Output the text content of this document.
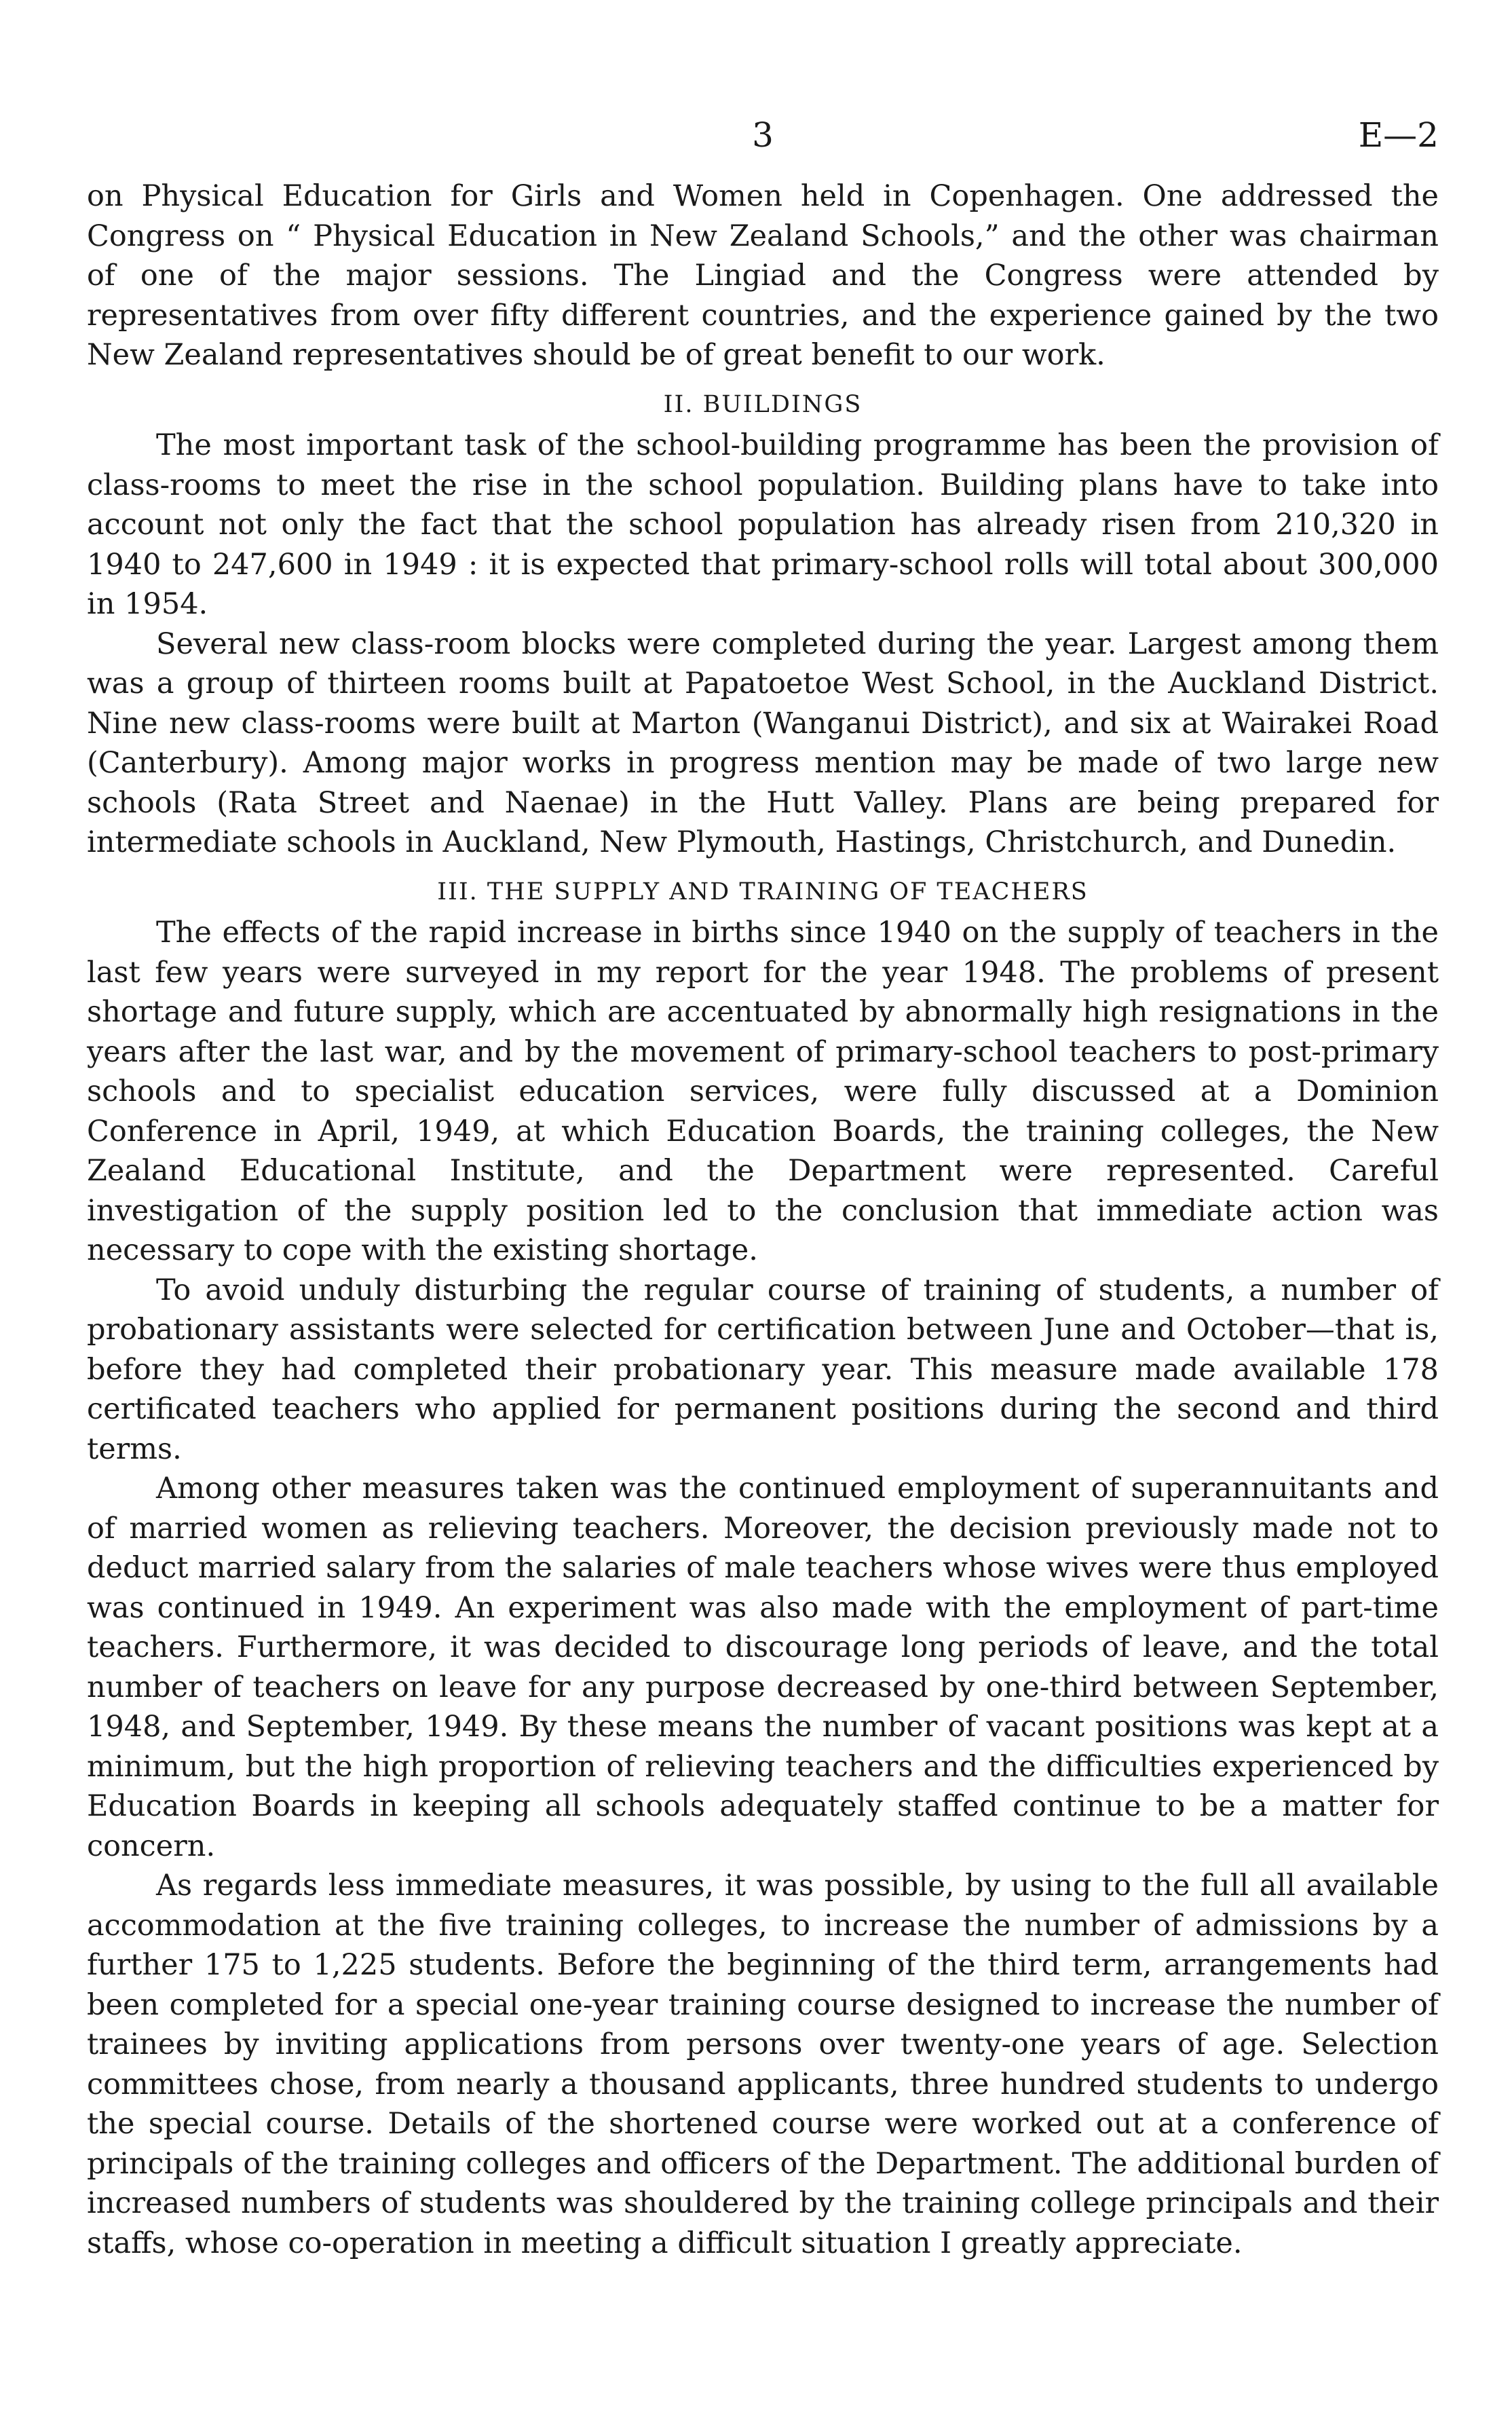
3	E—2

on Physical Education for Girls and Women held in Copenhagen. One addressed the Congress on “ Physical Education in New Zealand Schools,” and the other was chairman of one of the major sessions. The Lingiad and the Congress were attended by representatives from over fifty different countries, and the experience gained by the two New Zealand representatives should be of great benefit to our work.

II. BUILDINGS

The most important task of the school-building programme has been the provision of class-rooms to meet the rise in the school population. Building plans have to take into account not only the fact that the school population has already risen from 210,320 in 1940 to 247,600 in 1949 : it is expected that primary-school rolls will total about 300,000 in 1954.

Several new class-room blocks were completed during the year. Largest among them was a group of thirteen rooms built at Papatoetoe West School, in the Auckland District. Nine new class-rooms were built at Marton (Wanganui District), and six at Wairakei Road (Canterbury). Among major works in progress mention may be made of two large new schools (Rata Street and Naenae) in the Hutt Valley. Plans are being prepared for intermediate schools in Auckland, New Plymouth, Hastings, Christchurch, and Dunedin.

III. THE SUPPLY AND TRAINING OF TEACHERS

The effects of the rapid increase in births since 1940 on the supply of teachers in the last few years were surveyed in my report for the year 1948. The problems of present shortage and future supply, which are accentuated by abnormally high resignations in the years after the last war, and by the movement of primary-school teachers to post-primary schools and to specialist education services, were fully discussed at a Dominion Conference in April, 1949, at which Education Boards, the training colleges, the New Zealand Educational Institute, and the Department were represented. Careful investigation of the supply position led to the conclusion that immediate action was necessary to cope with the existing shortage.

To avoid unduly disturbing the regular course of training of students, a number of probationary assistants were selected for certification between June and October—that is, before they had completed their probationary year. This measure made available 178 certificated teachers who applied for permanent positions during the second and third terms.

Among other measures taken was the continued employment of superannuitants and of married women as relieving teachers. Moreover, the decision previously made not to deduct married salary from the salaries of male teachers whose wives were thus employed was continued in 1949. An experiment was also made with the employment of part-time teachers. Furthermore, it was decided to discourage long periods of leave, and the total number of teachers on leave for any purpose decreased by one-third between September, 1948, and September, 1949. By these means the number of vacant positions was kept at a minimum, but the high proportion of relieving teachers and the difficulties experienced by Education Boards in keeping all schools adequately staffed continue to be a matter for concern.

As regards less immediate measures, it was possible, by using to the full all available accommodation at the five training colleges, to increase the number of admissions by a further 175 to 1,225 students. Before the beginning of the third term, arrangements had been completed for a special one-year training course designed to increase the number of trainees by inviting applications from persons over twenty-one years of age. Selection committees chose, from nearly a thousand applicants, three hundred students to undergo the special course. Details of the shortened course were worked out at a conference of principals of the training colleges and officers of the Department. The additional burden of increased numbers of students was shouldered by the training college principals and their staffs, whose co-operation in meeting a difficult situation I greatly appreciate.
